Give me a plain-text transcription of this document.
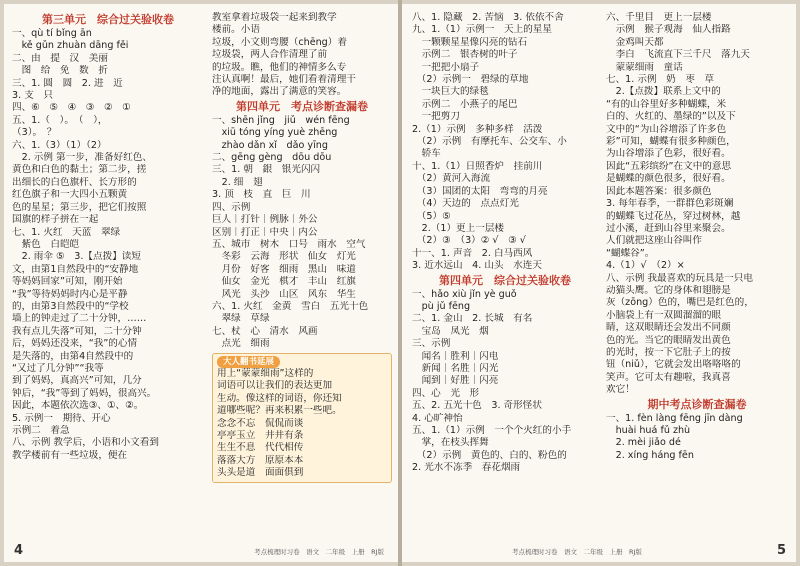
第三单元　综合过关验收卷
一、qù tí bǐng ān
　kě gǔn zhuàn dāng fěi
二、由　提　汉　美丽
　图　给　免　数　折
三、1. 圆　圆　2. 进　近
3. 支　只
四、⑥　⑤　④　③　②　①
五、1.（　）。　（　），
（3）。　？
六、1.（3）（1）（2）
　2. 示例 第一步，准备好红色、
黄色和白色的黏土；第二步，搓
出细长的白色旗杆、长方形的
红色旗子和一大四小五颗黄
色的星星；第三步，把它们按照
国旗的样子拼在一起
七、1. 火红　天蓝　翠绿
　紫色　白皑皑
　2. 雨伞 ⑤　3.【点拨】读短
文，由第1自然段中的“安静地
等妈妈回家”可知，刚开始
“我”等待妈妈时内心是平静
的，由第3自然段中的“学校
墙上的钟走过了二十分钟，……
我有点儿失落”可知，二十分钟
后，妈妈还没来，“我”的心情
是失落的，由第4自然段中的
“又过了几分钟”“我等
到了妈妈，真高兴”可知，几分
钟后，“我”等到了妈妈，很高兴。
因此，本题依次选③、①、②。
5. 示例一　期待、开心
示例二　着急
八、示例 教学后，小语和小文看到
教学楼前有一些垃圾，便在
教室拿着垃圾袋一起来到教学
楼前。小语
垃圾，小文则弯腰（chēng）着
垃圾袋，两人合作清理了前
的垃圾。瞧，他们的神情多么专
注认真啊！最后，她们看着清理干
净的地面，露出了满意的笑容。
第四单元　考点诊断查漏卷
一、shēn jǐng　jiǔ　wén fēng
　xiū tóng yíng yuè zhēng
　zhào dǎn xǐ　dǎo yīng
二、gēng gèng　dōu dōu
三、1. 朝　銀　银光闪闪
　2. 细　翅　
3. 顶　枝　直　巨　川
四、示例
巨人｜打针｜例脉｜外公
区别｜打正｜中央｜内公
五、城市　树木　口号　雨水　空气
　冬彩　云海　形状　仙女　灯光
　月份　好客　细雨　黑山　味道
　仙女　金光　棋才　丰山　红旗
　风光　头沙　山区　风东　华生
六、1. 火红　金黄　雪白　五光十色
　翠绿　草绿
七、杖　心　清水　风画
　点光　细雨
大人翻书延展
用上“蒙蒙细雨”这样的
词语可以让我们的表达更加
生动。像这样的词语，你还知
道哪些呢？再来积累一些吧。
念念不忘　侃侃而谈
亭亭玉立　井井有条
生生不息　代代相传
落落大方　原原本本
头头是道　面面俱到
4	考点梳理时习卷　语文　二年级　上册　RJ版
八、1. 隐藏　2. 苦恼　3. 依依不舍
九、1.（1）示例一　天上的星星
　一颗颗星星像闪亮的钻石
　示例二　银杏树的叶子
　一把把小扇子
　（2）示例一　碧绿的草地
　一块巨大的绿毯
　示例二　小燕子的尾巴
　一把剪刀
2.（1）示例　多种多样　活泼
　（2）示例　有摩托车、公交车、小
　轿车
十、1.（1）日照香炉　挂前川
　（2）黄河入海流
　（3）国团的太阳　弯弯的月亮
　（4）天边的　点点灯光
　（5）⑤
　2.（1）更上一层楼
　（2）③　（3）② √　③ √
十一、1. 声音　2. 白马西风
3. 近水远山　4. 山头　水连天
第四单元　综合过关验收卷
一、hǎo xiù jǐn yè guǒ
　pù jǔ fēng
二、1. 金山　2. 长城　有名
　宝岛　凤光　烟
三、示例
　闻名｜胜利｜闪电
　新闻｜名胜｜闪光
　闻到｜好胜｜闪亮
四、心　光　形
五、2. 五光十色　3. 奇形怪状
4. 心旷神怡
五、1.（1）示例　一个个火红的小手
　掌，在枝头挥舞
　（2）示例　黄色的、白的、粉色的
2. 光水不冻季　春花烟雨
六、千里目　更上一层楼
　示例　猴子观海　仙人指路
　金鸡叫天都
　李白　飞流直下三千尺　落九天
　蒙蒙细雨　童话
七、1. 示例　奶　枣　草
　2.【点拨】联系上文中的
“有的山谷里好多种蝴蝶，米
白的、火红的、墨绿的”以及下
文中的“为山谷增添了许多色
彩”可知，蝴蝶有很多种颜色，
为山谷增添了色彩，很好看。
因此“五彩缤纷”在文中的意思
是蝴蝶的颜色很多，很好看。
因此本题答案：很多颜色
3. 每年春季，一群群色彩斑斓
的蝴蝶飞过花丛，穿过树林，越
过小溪，赶到山谷里来聚会。
人们就把这座山谷叫作
“蝴蝶谷”。
4.（1）√　（2）×
八、示例 我最喜欢的玩具是一只电
动猫头鹰。它的身体和翅膀是
灰（zōng）色的，嘴巴是红色的，
小脑袋上有一双圆溜溜的眼
睛，这双眼睛还会发出不同颜
色的光。当它的眼睛发出黄色
的光时，按一下它肚子上的按
钮（niǔ），它就会发出咯咯咯的
笑声。它可太有趣啦，我真喜
欢它！
期中考点诊断查漏卷
一、1. fèn làng fēng jīn dàng
　huài huá fǔ zhù
　2. mèi jiǎo dé
　2. xíng háng fēn
考点梳理时习卷　语文　二年级　上册　RJ版	5
